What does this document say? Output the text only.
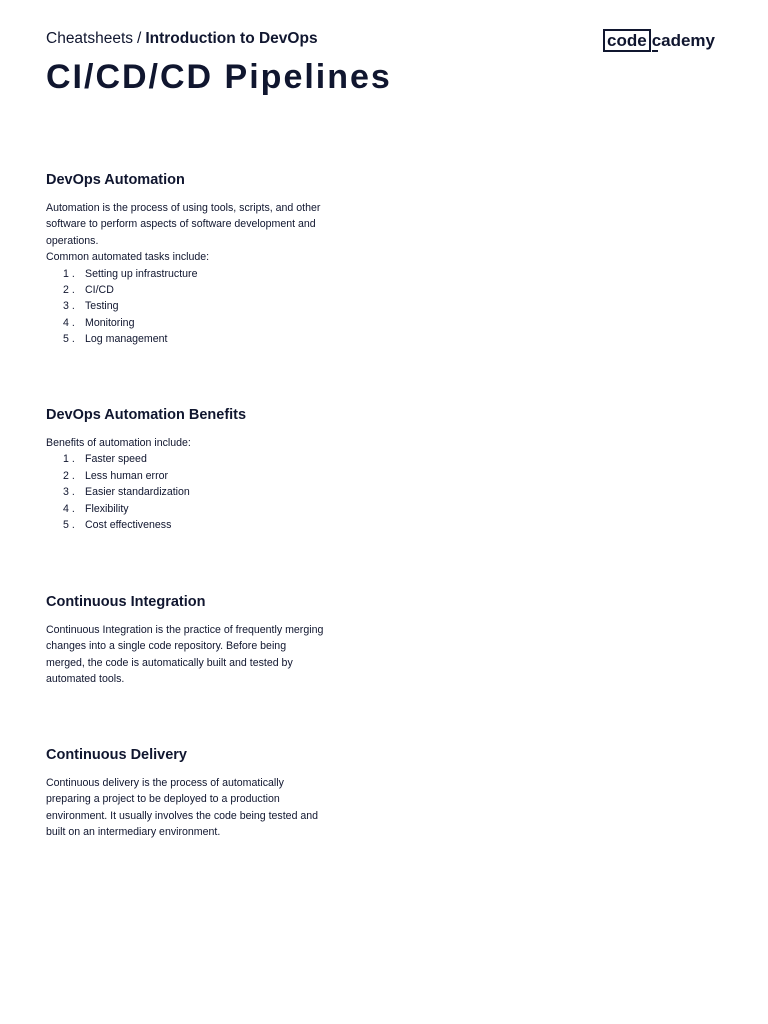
Cheatsheets / Introduction to DevOps	code cademy
CI/CD/CD Pipelines
DevOps Automation

Automation is the process of using tools, scripts, and other software to perform aspects of software development and operations.

Common automated tasks include:

1 . Setting up infrastructure
2 . CI/CD
3 . Testing
4 . Monitoring
5 . Log management
DevOps Automation Benefits

Benefits of automation include:

1 . Faster speed
2 . Less human error
3 . Easier standardization
4 . Flexibility
5 . Cost effectiveness
Continuous Integration

Continuous Integration is the practice of frequently merging changes into a single code repository. Before being merged, the code is automatically built and tested by automated tools.

Continuous Delivery

Continuous delivery is the process of automatically preparing a project to be deployed to a production environment. It usually involves the code being tested and built on an intermediary environment.
